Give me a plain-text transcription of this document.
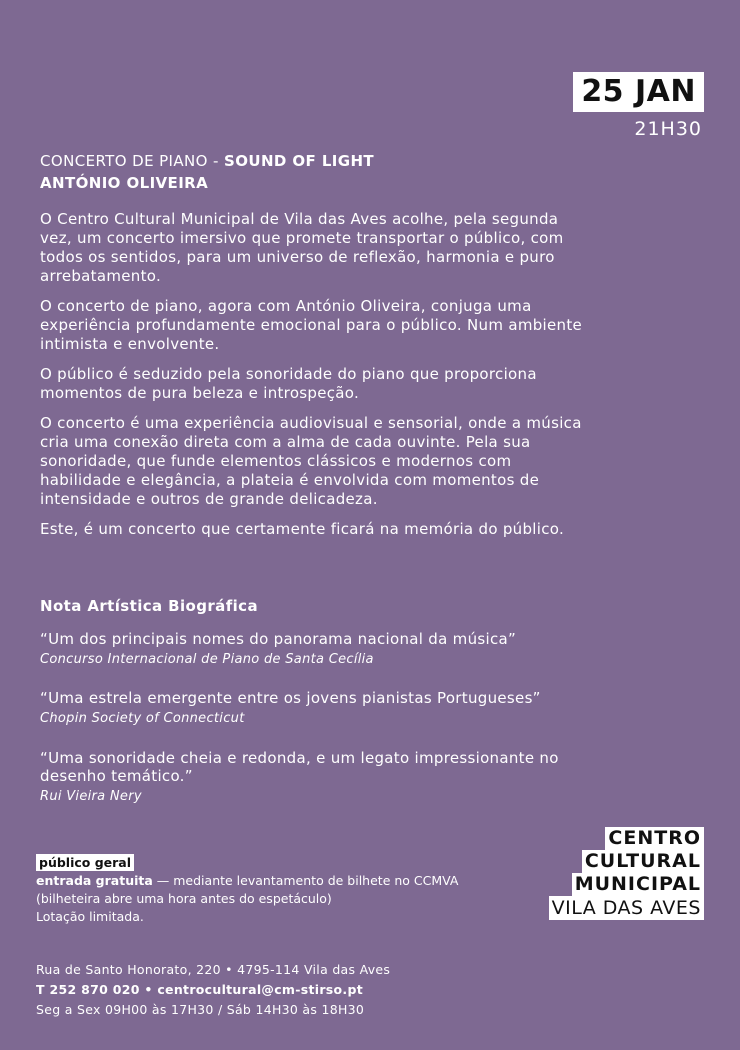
25 JAN
21H30
CONCERTO DE PIANO - SOUND OF LIGHT
ANTÓNIO OLIVEIRA

O Centro Cultural Municipal de Vila das Aves acolhe, pela segunda vez, um concerto imersivo que promete transportar o público, com todos os sentidos, para um universo de reflexão, harmonia e puro arrebatamento.

O concerto de piano, agora com António Oliveira, conjuga uma experiência profundamente emocional para o público. Num ambiente intimista e envolvente.

O público é seduzido pela sonoridade do piano que proporciona momentos de pura beleza e introspeção.

O concerto é uma experiência audiovisual e sensorial, onde a música cria uma conexão direta com a alma de cada ouvinte. Pela sua sonoridade, que funde elementos clássicos e modernos com habilidade e elegância, a plateia é envolvida com momentos de intensidade e outros de grande delicadeza.

Este, é um concerto que certamente ficará na memória do público.

Nota Artística Biográfica
“Um dos principais nomes do panorama nacional da música”
Concurso Internacional de Piano de Santa Cecília
“Uma estrela emergente entre os jovens pianistas Portugueses”
Chopin Society of Connecticut
“Uma sonoridade cheia e redonda, e um legato impressionante no desenho temático.”
Rui Vieira Nery
público geral
entrada gratuita — mediante levantamento de bilhete no CCMVA
(bilheteira abre uma hora antes do espetáculo)
Lotação limitada.
CENTRO
CULTURAL
MUNICIPAL
VILA DAS AVES
Rua de Santo Honorato, 220 • 4795-114 Vila das Aves
T 252 870 020 • centrocultural@cm-stirso.pt
Seg a Sex 09H00 às 17H30 / Sáb 14H30 às 18H30
